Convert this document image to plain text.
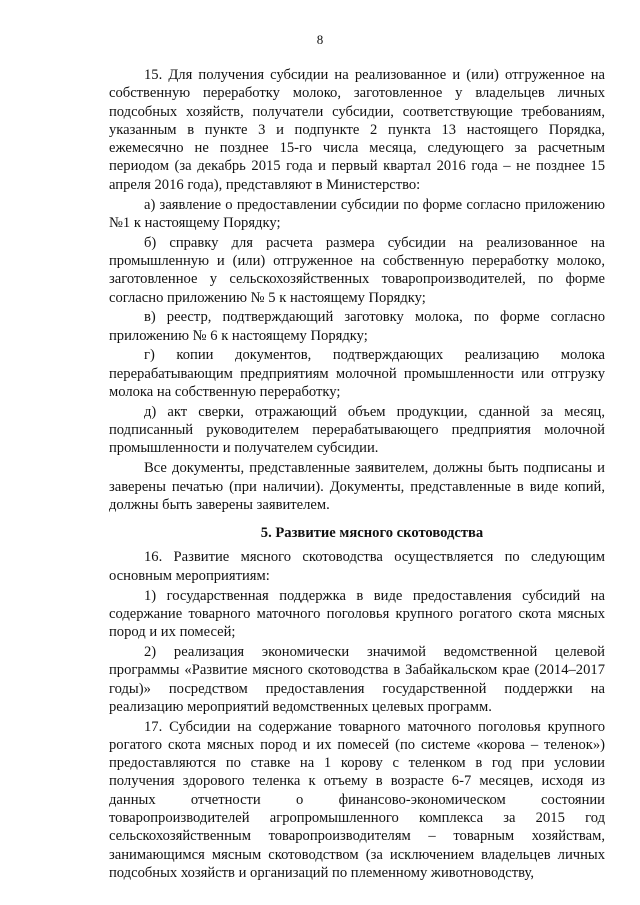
8

15. Для получения субсидии на реализованное и (или) отгруженное на собственную переработку молоко, заготовленное у владельцев личных подсобных хозяйств, получатели субсидии, соответствующие требованиям, указанным в пункте 3 и подпункте 2 пункта 13 настоящего Порядка, ежемесячно не позднее 15-го числа месяца, следующего за расчетным периодом (за декабрь 2015 года и первый квартал 2016 года – не позднее 15 апреля 2016 года), представляют в Министерство:

а) заявление о предоставлении субсидии по форме согласно приложению №1 к настоящему Порядку;

б) справку для расчета размера субсидии на реализованное на промышленную и (или) отгруженное на собственную переработку молоко, заготовленное у сельскохозяйственных товаропроизводителей, по форме согласно приложению № 5 к настоящему Порядку;

в) реестр, подтверждающий заготовку молока, по форме согласно приложению № 6 к настоящему Порядку;

г) копии документов, подтверждающих реализацию молока перерабатывающим предприятиям молочной промышленности или отгрузку молока на собственную переработку;

д) акт сверки, отражающий объем продукции, сданной за месяц, подписанный руководителем перерабатывающего предприятия молочной промышленности и получателем субсидии.

Все документы, представленные заявителем, должны быть подписаны и заверены печатью (при наличии). Документы, представленные в виде копий, должны быть заверены заявителем.

5. Развитие мясного скотоводства

16. Развитие мясного скотоводства осуществляется по следующим основным мероприятиям:

1) государственная поддержка в виде предоставления субсидий на содержание товарного маточного поголовья крупного рогатого скота мясных пород и их помесей;

2) реализация экономически значимой ведомственной целевой программы «Развитие мясного скотоводства в Забайкальском крае (2014–2017 годы)» посредством предоставления государственной поддержки на реализацию мероприятий ведомственных целевых программ.

17. Субсидии на содержание товарного маточного поголовья крупного рогатого скота мясных пород и их помесей (по системе «корова – теленок») предоставляются по ставке на 1 корову с теленком в год при условии получения здорового теленка к отъему в возрасте 6-7 месяцев, исходя из данных отчетности о финансово-экономическом состоянии товаропроизводителей агропромышленного комплекса за 2015 год сельскохозяйственным товаропроизводителям – товарным хозяйствам, занимающимся мясным скотоводством (за исключением владельцев личных подсобных хозяйств и организаций по племенному животноводству,
